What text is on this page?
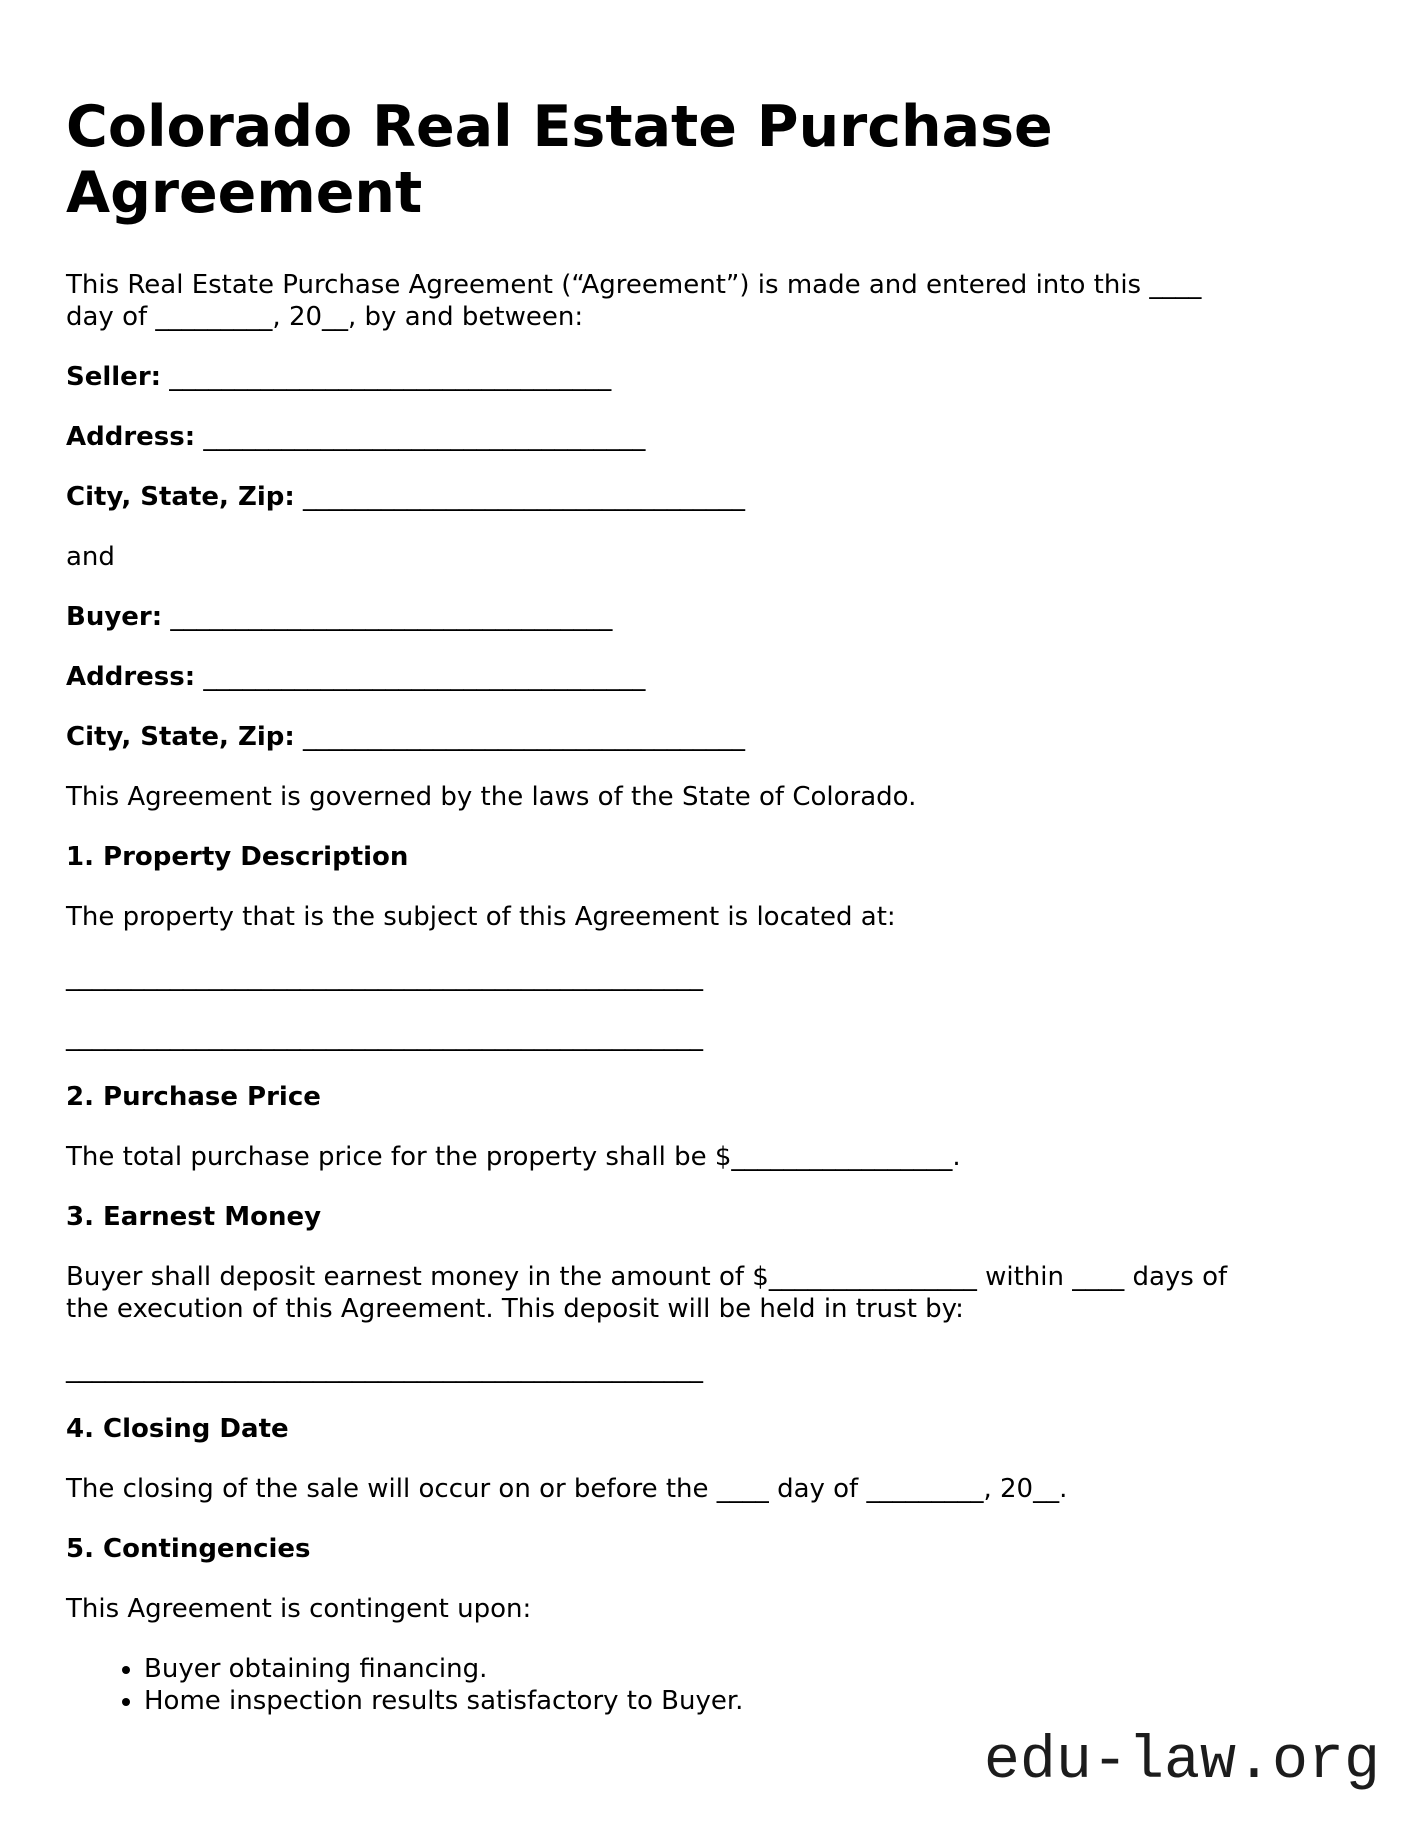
Colorado Real Estate Purchase Agreement
This Real Estate Purchase Agreement (“Agreement”) is made and entered into this ____
day of _________, 20__, by and between:
Seller: __________________________________
Address: __________________________________
City, State, Zip: __________________________________
and
Buyer: __________________________________
Address: __________________________________
City, State, Zip: __________________________________
This Agreement is governed by the laws of the State of Colorado.
1. Property Description
The property that is the subject of this Agreement is located at:
_________________________________________________
_________________________________________________
2. Purchase Price
The total purchase price for the property shall be $_________________.
3. Earnest Money
Buyer shall deposit earnest money in the amount of $________________ within ____ days of
the execution of this Agreement. This deposit will be held in trust by:
_________________________________________________
4. Closing Date
The closing of the sale will occur on or before the ____ day of _________, 20__.
5. Contingencies
This Agreement is contingent upon:
• Buyer obtaining financing.
• Home inspection results satisfactory to Buyer.
edu-law.org
